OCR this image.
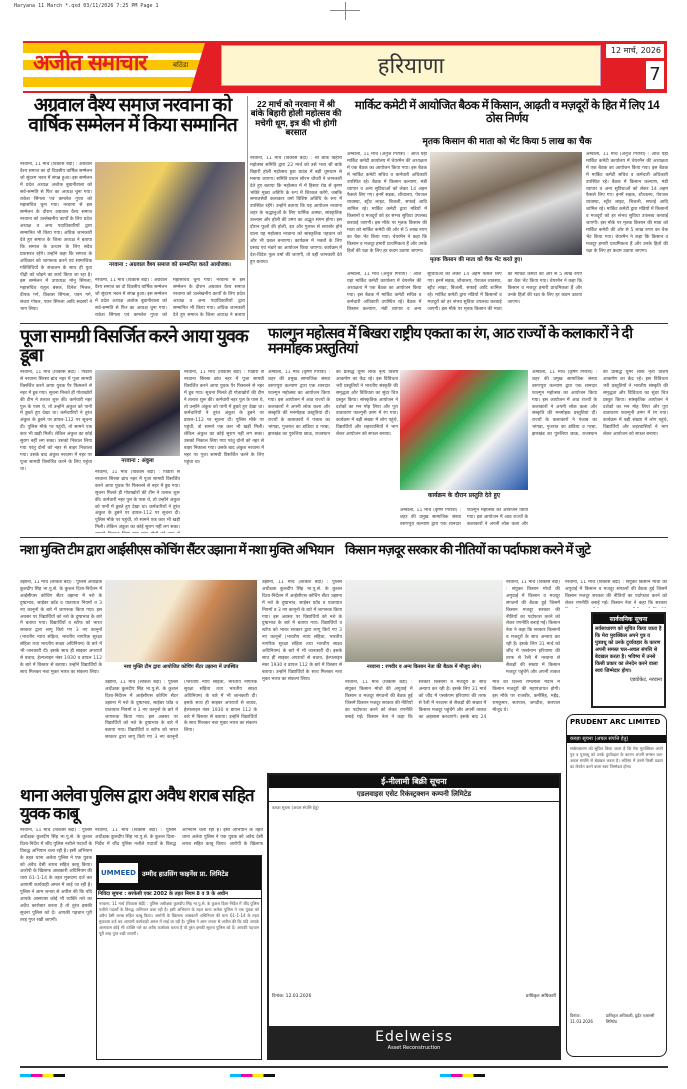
Haryana 11 March *.qxd 03/11/2026 7:25 PM Page 1
अजीत समाचार	बठिंडा	हरियाणा
12 मार्च, 2026
7
अग्रवाल वैश्य समाज नरवाना को वार्षिक सम्मेलन में किया सम्मानित
नरवाना, 11 मार्च (विकास बेदी) : अग्रवाल वैश्य समाज का दो दिवसीय वार्षिक सम्मेलन जो सुंदरम भवन में संपन्न हुआ। इस सम्मेलन में प्रदेश अध्यक्ष अशोक बुवानीवाला को सर्व-सम्मति से फिर का अध्यक्ष चुना गया। राकेश सिंगला एवं कमलेश गुप्ता को महासचिव चुना गया। नरवाना से इस सम्मेलन के दौरान अग्रवाल वैश्य समाज नरवाना को उल्लेखनीय कार्यों के लिए प्रदेश अध्यक्ष व अन्य पदाधिकारियों द्वारा सम्मानित भी किया गया। अधिक जानकारी देते हुए समाज के जिला अध्यक्ष ने बताया कि समाज के उत्थान के लिए सदैव प्रयासरत रहेंगे। उन्होंने कहा कि समाज के अधिकार को जागरूक करने एवं सामाजिक गतिविधियों के संचालन के साथ ही युवा पीढ़ी को जोड़ने का कार्य किया जा रहा है। इस सम्मेलन में उपाध्यक्ष मोनू सिंगला, महासचिव राहुल बंसल, दिनेश मित्तल, दीपक गर्ग, विकास सिंगला, पवन गर्ग, संजय गोयल, पवन सिंगला आदि सदस्यों ने भाग लिया।
नरवाना : अग्रवाल वैश्य समाज को सम्मानित करते आयोजक।
नरवाना, 11 मार्च (विकास बेदी) : अग्रवाल वैश्य समाज का दो दिवसीय वार्षिक सम्मेलन जो सुंदरम भवन में संपन्न हुआ। इस सम्मेलन में प्रदेश अध्यक्ष अशोक बुवानीवाला को सर्व-सम्मति से फिर का अध्यक्ष चुना गया। राकेश सिंगला एवं कमलेश गुप्ता को महासचिव चुना गया। नरवाना से इस सम्मेलन के दौरान अग्रवाल वैश्य समाज नरवाना को उल्लेखनीय कार्यों के लिए प्रदेश अध्यक्ष व अन्य पदाधिकारियों द्वारा सम्मानित भी किया गया। अधिक जानकारी देते हुए समाज के जिला अध्यक्ष ने बताया
22 मार्च को नरवाना में श्री बांके बिहारी होली महोत्सव की मचेगी धूम, इत्र की भी होगी बरसात
नरवाना, 11 मार्च (विकास बेदी) : श्री बांके बिहारी महोत्सव समिति द्वारा 22 मार्च को उर्स भव्य श्री बांके बिहारी होली महोत्सव हुडा ग्राउंड में बड़ी धूमधाम से मनाया जाएगा। समिति प्रधान सौरभ चौधरी ने जानकारी देते हुए बताया कि महोत्सव में में हिसार रोड से कृष्ण भक्ति मुख्य अतिथि के रूप में शिरकत करेंगे, जबकि समाजसेवी कलाकार वर्मा विशिष्ट अतिथि के रूप में उपस्थित रहेंगे। उन्होंने बताया कि यह आयोजन नरवाना शहर के श्रद्धालुओं के लिए धार्मिक आस्था, सांस्कृतिक उल्लास और होली की उमंग का अद्भुत संगम होगा। इस दौरान फूलों की होली, इत्र और गुलाल से सराबोर होने वाला यह महोत्सव नरवाना को सांस्कृतिक पहचान को और भी प्रबल बनाएगा। कार्यक्रम में भक्तों के लिए प्रसाद एवं भंडारे का आयोजन किया जाएगा। कार्यक्रम में देश-विदेश फूल वर्षा की जाएगी, तो वहीं जानकारी देते हुए बताया।
मार्किट कमेटी में आयोजित बैठक में किसान, आढ़ती व मज़दूरों के हित में लिए 14 ठोस निर्णय
मृतक किसान की माता को भेंट किया 5 लाख का चैक
अम्बाला, 11 मार्च (अनुज गिरोत्रा) : आज यहां मार्किट कमेटी कार्यालय में चेयरमैन की अध्यक्षता में एक बैठक का आयोजन किया गया। इस बैठक में मार्किट कमेटी सचिव व कर्मचारी अधिकारी उपस्थित रहे। बैठक में किसान कल्याण, मंडी व्यापार व अन्य सुविधाओं को लेकर 14 अहम फैसले लिए गए। इनमें सड़क, शौचालय, पेयजल व्यवस्था, स्ट्रीट लाइट, बिजली, सफाई आदि शामिल रहे। मार्किट कमेटी द्वारा मंडियों में किसानों व मजदूरों को हर संभव सुविधा उपलब्ध करवाई जाएगी। इस मौके पर मृतक किसान की माता को मार्किट कमेटी की ओर से 5 लाख रुपए का चैक भेंट किया गया। चेयरमैन ने कहा कि किसान व मजदूर हमारी प्राथमिकता हैं और उनके हितों की रक्षा के लिए हर कदम उठाया जाएगा।
मृतक किसान की माता को चैक भेंट करते हुए।
अम्बाला, 11 मार्च (अनुज गिरोत्रा) : आज यहां मार्किट कमेटी कार्यालय में चेयरमैन की अध्यक्षता में एक बैठक का आयोजन किया गया। इस बैठक में मार्किट कमेटी सचिव व कर्मचारी अधिकारी उपस्थित रहे। बैठक में किसान कल्याण, मंडी व्यापार व अन्य सुविधाओं को लेकर 14 अहम फैसले लिए गए। इनमें सड़क, शौचालय, पेयजल व्यवस्था, स्ट्रीट लाइट, बिजली, सफाई आदि शामिल रहे। मार्किट कमेटी द्वारा मंडियों में किसानों व मजदूरों को हर संभव सुविधा उपलब्ध करवाई जाएगी। इस मौके पर मृतक किसान की माता को मार्किट कमेटी की ओर से 5 लाख रुपए का चैक भेंट किया गया। चेयरमैन ने कहा कि किसान व मजदूर हमारी प्राथमिकता हैं और उनके हितों की रक्षा के लिए हर कदम उठाया जाएगा।
अम्बाला, 11 मार्च (अनुज गिरोत्रा) : आज यहां मार्किट कमेटी कार्यालय में चेयरमैन की अध्यक्षता में एक बैठक का आयोजन किया गया। इस बैठक में मार्किट कमेटी सचिव व कर्मचारी अधिकारी उपस्थित रहे। बैठक में किसान कल्याण, मंडी व्यापार व अन्य सुविधाओं को लेकर 14 अहम फैसले लिए गए। इनमें सड़क, शौचालय, पेयजल व्यवस्था, स्ट्रीट लाइट, बिजली, सफाई आदि शामिल रहे। मार्किट कमेटी द्वारा मंडियों में किसानों व मजदूरों को हर संभव सुविधा उपलब्ध करवाई जाएगी। इस मौके पर मृतक किसान की माता को मार्किट कमेटी की ओर से 5 लाख रुपए का चैक भेंट किया गया। चेयरमैन ने कहा कि किसान व मजदूर हमारी प्राथमिकता हैं और उनके हितों की रक्षा के लिए हर कदम उठाया जाएगा।
पूजा सामग्री विसर्जित करने आया युवक डूबा
नरवाना, 11 मार्च (विकास बेदी) : पिंडारा से नरवाना सिरसा ब्रांच नहर में पूजा सामग्री विसर्जित करने आया युवक पैर फिसलने से नहर में डूब गया। सूचना मिलते ही गोताखोरों की टीम ने तलाश शुरू की। कर्मचारी नहर पुल के पास थे, तो उन्होंने अंकुश को पानी में डूबते हुए देखा था। कर्मचारियों ने तुरंत अंकुश के डूबने पर डायल-112 पर सूचना दी। पुलिस मौके पर पहुंची, तो सामने एक कार भी खड़ी मिली। लेकिन अंकुश का कोई सुराग नहीं लग सका। उसको निकाल लिया गया परंतु दोनों को नहर से बाहर निकाला गया। उसके बाद अंकुश नरवाना में नहर पर पूजा सामग्री विसर्जित करने के लिए पहुंचा था।
नरवाना : अंकुश
नरवाना, 11 मार्च (विकास बेदी) : पिंडारा से नरवाना सिरसा ब्रांच नहर में पूजा सामग्री विसर्जित करने आया युवक पैर फिसलने से नहर में डूब गया। सूचना मिलते ही गोताखोरों की टीम ने तलाश शुरू की। कर्मचारी नहर पुल के पास थे, तो उन्होंने अंकुश को पानी में डूबते हुए देखा था। कर्मचारियों ने तुरंत अंकुश के डूबने पर डायल-112 पर सूचना दी। पुलिस मौके पर पहुंची, तो सामने एक कार भी खड़ी मिली। लेकिन अंकुश का कोई सुराग नहीं लग सका।
नरवाना, 11 मार्च (विकास बेदी) : पिंडारा से नरवाना सिरसा ब्रांच नहर में पूजा सामग्री विसर्जित करने आया युवक पैर फिसलने से नहर में डूब गया। सूचना मिलते ही गोताखोरों की टीम ने तलाश शुरू की। कर्मचारी नहर पुल के पास थे, तो उन्होंने अंकुश को पानी में डूबते हुए देखा था। कर्मचारियों ने तुरंत अंकुश के डूबने पर डायल-112 पर सूचना दी। पुलिस मौके पर पहुंची, तो सामने एक कार भी खड़ी मिली। लेकिन अंकुश का कोई सुराग नहीं लग सका। उसको निकाल लिया गया परंतु दोनों को नहर से बाहर निकाला गया। उसके बाद अंकुश नरवाना में नहर पर पूजा सामग्री विसर्जित करने के लिए पहुंचा था।
फाल्गुन महोत्सव में बिखरा राष्ट्रीय एकता का रंग, आठ राज्यों के कलाकारों ने दी मनमोहक प्रस्तुतियां
अम्बाला, 11 मार्च (कृष्ण गिरोत्रा) : शहर की प्रमुख सामाजिक संस्था वरुणपुरा कल्याण द्वारा एक शानदार फाल्गुन महोत्सव का आयोजन किया गया। इस आयोजन में आठ राज्यों के कलाकारों ने अपनी लोक कला और संस्कृति की मनमोहक प्रस्तुतियां दीं। राज्यों के कलाकारों ने पंजाब का भांगड़ा, गुजरात का डांडिया व गरबा, झारखंड का पुरुलिया छाऊ, राजस्थान का प्रसिद्ध घूमर लोक नृत्य विशेष आकर्षण का केंद्र रहे। इस विविधता भरी प्रस्तुतियों ने भारतीय संस्कृति की समृद्धता और विविधता का सुंदर चित्र प्रस्तुत किया। सांस्कृतिक आयोजन ने दर्शकों का मन मोह लिया और पूरा वातावरण फाल्गुनी उमंग में रंग गया। कार्यक्रम में बड़ी संख्या में लोग पहुंचे, विद्यार्थियों और शहरवासियों ने भाग लेकर आयोजन को सफल बनाया।
कार्यक्रम के दौरान प्रस्तुति देते हुए
अम्बाला, 11 मार्च (कृष्ण गिरोत्रा) : शहर की प्रमुख सामाजिक संस्था वरुणपुरा कल्याण द्वारा एक शानदार फाल्गुन महोत्सव का आयोजन किया गया। इस आयोजन में आठ राज्यों के कलाकारों ने अपनी लोक कला और
अम्बाला, 11 मार्च (कृष्ण गिरोत्रा) : शहर की प्रमुख सामाजिक संस्था वरुणपुरा कल्याण द्वारा एक शानदार फाल्गुन महोत्सव का आयोजन किया गया। इस आयोजन में आठ राज्यों के कलाकारों ने अपनी लोक कला और संस्कृति की मनमोहक प्रस्तुतियां दीं। राज्यों के कलाकारों ने पंजाब का भांगड़ा, गुजरात का डांडिया व गरबा, झारखंड का पुरुलिया छाऊ, राजस्थान का प्रसिद्ध घूमर लोक नृत्य विशेष आकर्षण का केंद्र रहे। इस विविधता भरी प्रस्तुतियों ने भारतीय संस्कृति की समृद्धता और विविधता का सुंदर चित्र प्रस्तुत किया। सांस्कृतिक आयोजन ने दर्शकों का मन मोह लिया और पूरा वातावरण फाल्गुनी उमंग में रंग गया। कार्यक्रम में बड़ी संख्या में लोग पहुंचे, विद्यार्थियों और शहरवासियों ने भाग लेकर आयोजन को सफल बनाया।
नशा मुक्ति टीम द्वारा आईसीएस कोचिंग सैंटर उझाना में नशा मुक्ति अभियान किसान मज़दूर सरकार की नीतियों का पर्दाफाश करने में जुटे
उझाना, 11 मार्च (लोकेश बेदी) : पुलिस अधीक्षक कुलदीप सिंह भा.पु.से. के कुशल दिशा-निर्देशन में आईसीएस कोचिंग सैंटर उझाना में नशे के दुष्प्रभाव, साईबर फ्रॉड व यातायात नियमों व 3 नए कानूनों के बारे में जागरूक किया गया। इस अवसर पर विद्यार्थियों को नशे के दुष्प्रभाव के बारे में बताया गया। विद्यार्थियों व स्टॉफ को भारत सरकार द्वारा लागू किये गए 3 नए कानूनों (भारतीय न्याय संहिता, भारतीय नागरिक सुरक्षा संहिता तथा भारतीय साक्ष्य अधिनियम) के बारे में भी जानकारी दी। इसके साथ ही साइबर अपराधों से बचाव, हेल्पलाइन नंबर 1930 व डायल 112 के बारे में विस्तार से बताया। उन्होंने विद्यार्थियों के साथ मिलकर नशा मुक्त भारत का संकल्प लिया।
नशा मुक्ति टीम द्वारा आयोजित कोचिंग सैंटर उझाना में उपस्थित
उझाना, 11 मार्च (लोकेश बेदी) : पुलिस अधीक्षक कुलदीप सिंह भा.पु.से. के कुशल दिशा-निर्देशन में आईसीएस कोचिंग सैंटर उझाना में नशे के दुष्प्रभाव, साईबर फ्रॉड व यातायात नियमों व 3 नए कानूनों के बारे में जागरूक किया गया। इस अवसर पर विद्यार्थियों को नशे के दुष्प्रभाव के बारे में बताया गया। विद्यार्थियों व स्टॉफ को भारत सरकार द्वारा लागू किये गए 3 नए कानूनों (भारतीय न्याय संहिता, भारतीय नागरिक सुरक्षा संहिता तथा भारतीय साक्ष्य अधिनियम) के बारे में भी जानकारी दी। इसके साथ ही साइबर अपराधों से बचाव, हेल्पलाइन नंबर 1930 व डायल 112 के बारे में विस्तार से बताया। उन्होंने विद्यार्थियों के साथ मिलकर नशा मुक्त भारत का संकल्प लिया।
उझाना, 11 मार्च (लोकेश बेदी) : पुलिस अधीक्षक कुलदीप सिंह भा.पु.से. के कुशल दिशा-निर्देशन में आईसीएस कोचिंग सैंटर उझाना में नशे के दुष्प्रभाव, साईबर फ्रॉड व यातायात नियमों व 3 नए कानूनों के बारे में जागरूक किया गया। इस अवसर पर विद्यार्थियों को नशे के दुष्प्रभाव के बारे में बताया गया। विद्यार्थियों व स्टॉफ को भारत सरकार द्वारा लागू किये गए 3 नए कानूनों (भारतीय न्याय संहिता, भारतीय नागरिक सुरक्षा संहिता तथा भारतीय साक्ष्य अधिनियम) के बारे में भी जानकारी दी। इसके साथ ही साइबर अपराधों से बचाव, हेल्पलाइन नंबर 1930 व डायल 112 के बारे में विस्तार से बताया। उन्होंने विद्यार्थियों के साथ मिलकर नशा मुक्त भारत का संकल्प लिया।
नरवाना : रणवीर व अन्य किसान नेता की बैठक में मौजूद लोग।
नरवाना, 11 मार्च (विकास बेदी) : संयुक्त किसान मोर्चा की अगुवाई में किसान व मजदूर संगठनों की बैठक हुई जिसमें किसान मजदूर सरकार की नीतियों का पर्दाफाश करने को लेकर रणनीति बनाई गई। किसान नेता ने कहा कि सरकार किसानों व मजदूरों के साथ अन्याय कर रही है। इसके लिए 31 मार्च को जींद में एसकेएम हरियाणा की तरफ से रैली में नरवाना से सैकड़ों की संख्या में किसान मजदूर पहुंचेंगे और अपनी ताकत का अहसास करवाएंगे। इसके बाद 24 मार्च को दिल्ली रामलीला मैदान में किसान मजदूरों की महापंचायत होगी। इस मौके पर राजबीर, कर्मसिंह, महेंद्र, रामकुमार, सतपाल, जगदीश, सतपाल मौजूद थे।
नरवाना, 11 मार्च (विकास बेदी) : संयुक्त किसान मोर्चा की अगुवाई में किसान व मजदूर संगठनों की बैठक हुई जिसमें किसान मजदूर सरकार की नीतियों का पर्दाफाश करने को लेकर रणनीति बनाई गई। किसान नेता ने कहा कि सरकार किसानों व मजदूरों के साथ अन्याय कर रही है। इसके लिए 31 मार्च को जींद में एसकेएम हरियाणा की तरफ से रैली में नरवाना से सैकड़ों की संख्या में किसान मजदूर पहुंचेंगे और अपनी ताकत
नरवाना, 11 मार्च (विकास बेदी) : संयुक्त किसान मोर्चा की अगुवाई में किसान व मजदूर संगठनों की बैठक हुई जिसमें किसान मजदूर सरकार की नीतियों का पर्दाफाश करने को लेकर रणनीति बनाई गई। किसान नेता ने कहा कि सरकार
सार्वजनिक सूचना
सर्वसाधारण को सूचित किया जाता है कि मेरा मुवक्किल अपने पुत्र व पुत्रवधू को उनके दुर्व्यवहार के कारण अपनी समस्त चल-अचल संपत्ति से बेदखल करता है। भविष्य में उनसे किसी प्रकार का लेनदेन करने वाला स्वयं जिम्मेदार होगा।
एडवोकेट, नरवाना
PRUDENT ARC LIMITED
कब्ज़ा सूचना (अचल संपत्ति हेतु)
सर्वसाधारण को सूचित किया जाता है कि मेरा मुवक्किल अपने पुत्र व पुत्रवधू को उनके दुर्व्यवहार के कारण अपनी समस्त चल-अचल संपत्ति से बेदखल करता है। भविष्य में उनसे किसी प्रकार का लेनदेन करने वाला स्वयं जिम्मेदार होगा।
दिनांक: 11.03.2026
प्राधिकृत अधिकारी, प्रुडेंट एआरसी लिमिटेड
थाना अलेवा पुलिस द्वारा अवैध शराब सहित युवक काबू
नरवाना, 11 मार्च (विकास बेदी) : पुलिस अधीक्षक कुलदीप सिंह भा.पु.से. के कुशल दिशा-निर्देश में जींद पुलिस नशीले पदार्थों के विरुद्ध अभियान चला रही है। इसी अभियान के तहत थाना अलेवा पुलिस ने एक युवक को अवैध देसी शराब सहित काबू किया। आरोपी के खिलाफ आबकारी अधिनियम की धारा 61-1-14 के तहत मुकदमा दर्ज कर आगामी कार्यवाही अमल में लाई जा रही है। पुलिस ने आम जनता से अपील की कि यदि आपके आसपास कोई भी व्यक्ति नशे का अवैध कारोबार करता है तो तुरंत इसकी सूचना पुलिस को दें। आपकी पहचान पूरी तरह गुप्त रखी जाएगी।
नरवाना, 11 मार्च (विकास बेदी) : पुलिस अधीक्षक कुलदीप सिंह भा.पु.से. के कुशल दिशा-निर्देश में जींद पुलिस नशीले पदार्थों के विरुद्ध अभियान चला रही है। इसी अभियान के तहत थाना अलेवा पुलिस ने एक युवक को अवैध देसी शराब सहित काबू किया। आरोपी के खिलाफ
UMMEED उम्मीद हाउसिंग फाइनेंस प्रा. लिमिटेड
निविदा सूचना : सरफेसी एक्ट 2002 के तहत नियम 8 व 9 के अधीन
नरवाना, 11 मार्च (विकास बेदी) : पुलिस अधीक्षक कुलदीप सिंह भा.पु.से. के कुशल दिशा-निर्देश में जींद पुलिस नशीले पदार्थों के विरुद्ध अभियान चला रही है। इसी अभियान के तहत थाना अलेवा पुलिस ने एक युवक को अवैध देसी शराब सहित काबू किया। आरोपी के खिलाफ आबकारी अधिनियम की धारा 61-1-14 के तहत मुकदमा दर्ज कर आगामी कार्यवाही अमल में लाई जा रही है। पुलिस ने आम जनता से अपील की कि यदि आपके आसपास कोई भी व्यक्ति नशे का अवैध कारोबार करता है तो तुरंत इसकी सूचना पुलिस को दें। आपकी पहचान पूरी तरह गुप्त रखी जाएगी।
ई-नीलामी बिक्री सूचना
एडलवाइस एसेट रिकंस्ट्रक्शन कम्पनी लिमिटेड
कब्ज़ा सूचना (अचल संपत्ति हेतु)
दिनांक: 12.03.2026	प्राधिकृत अधिकारी
Edelweiss
Asset Reconstruction
